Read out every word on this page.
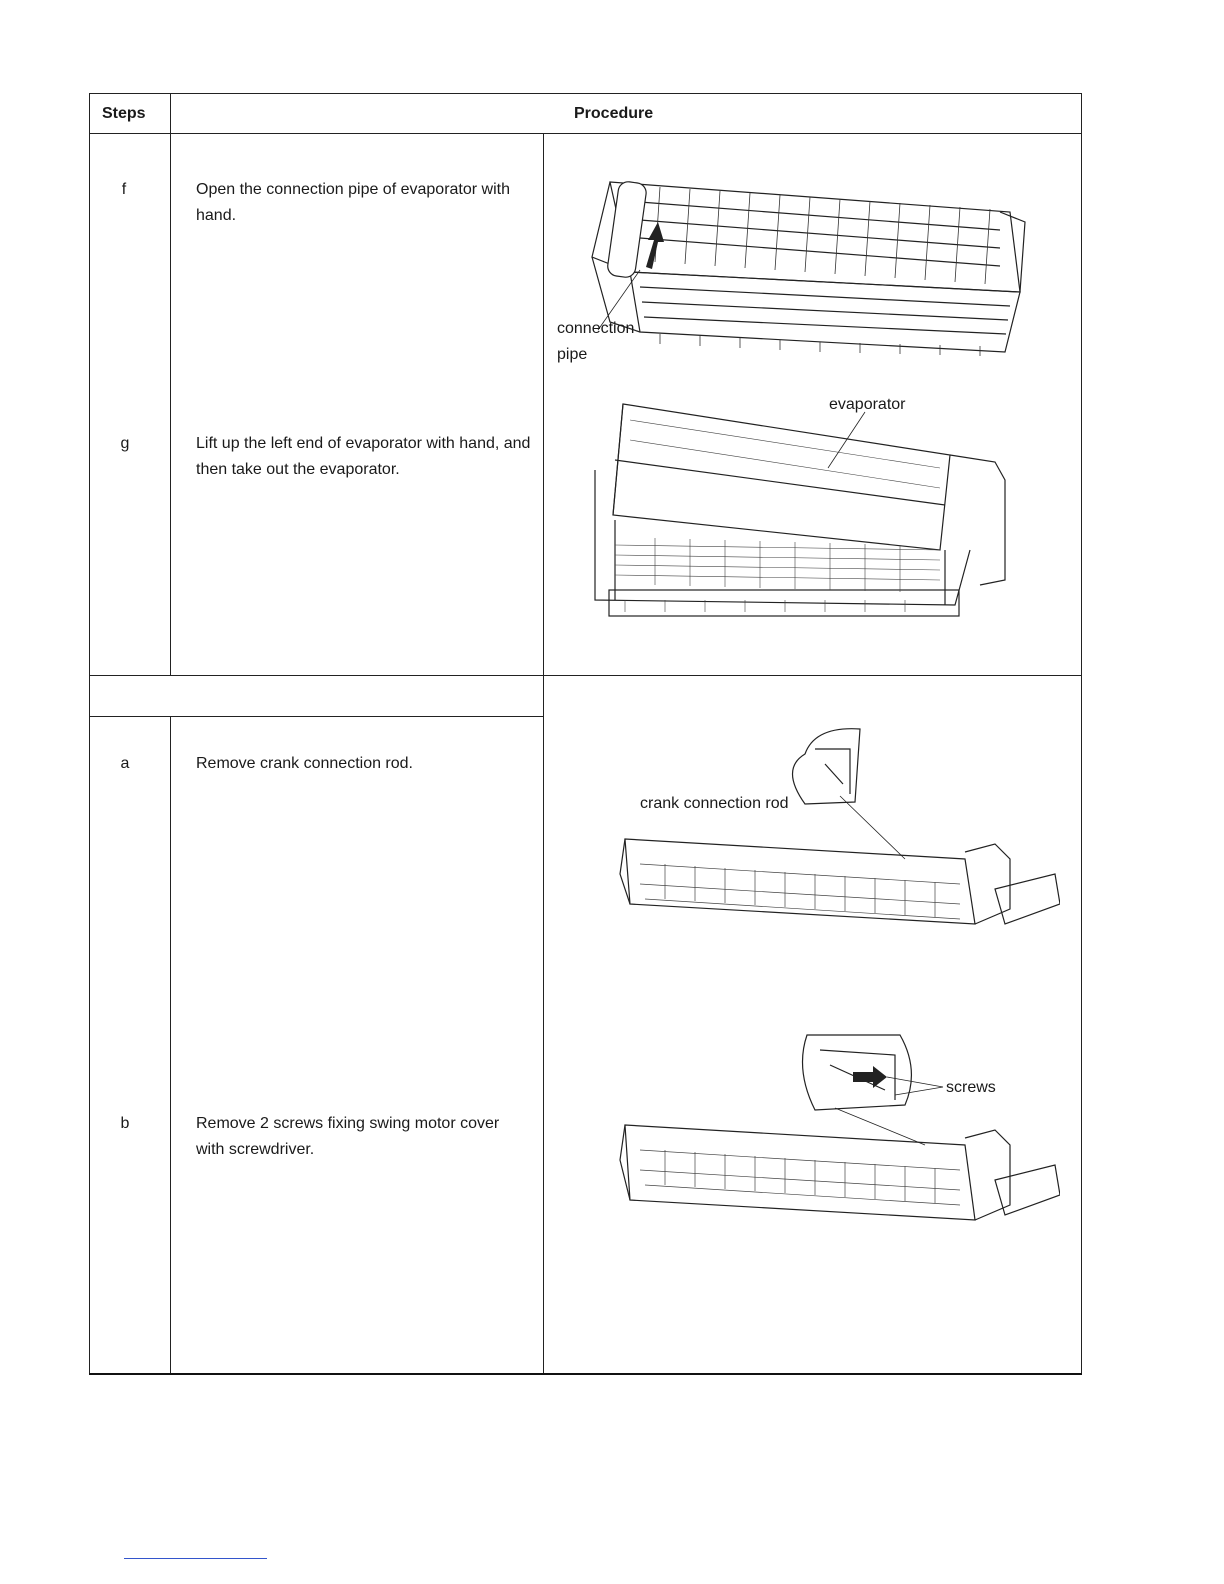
Steps	Procedure
f	Open the connection pipe of evaporator with hand.
g	Lift up the left end of evaporator with hand, and then take out the evaporator.
a	Remove crank connection rod.
b	Remove 2 screws fixing swing motor cover with screwdriver.
connection
pipe
evaporator
crank connection rod
screws
